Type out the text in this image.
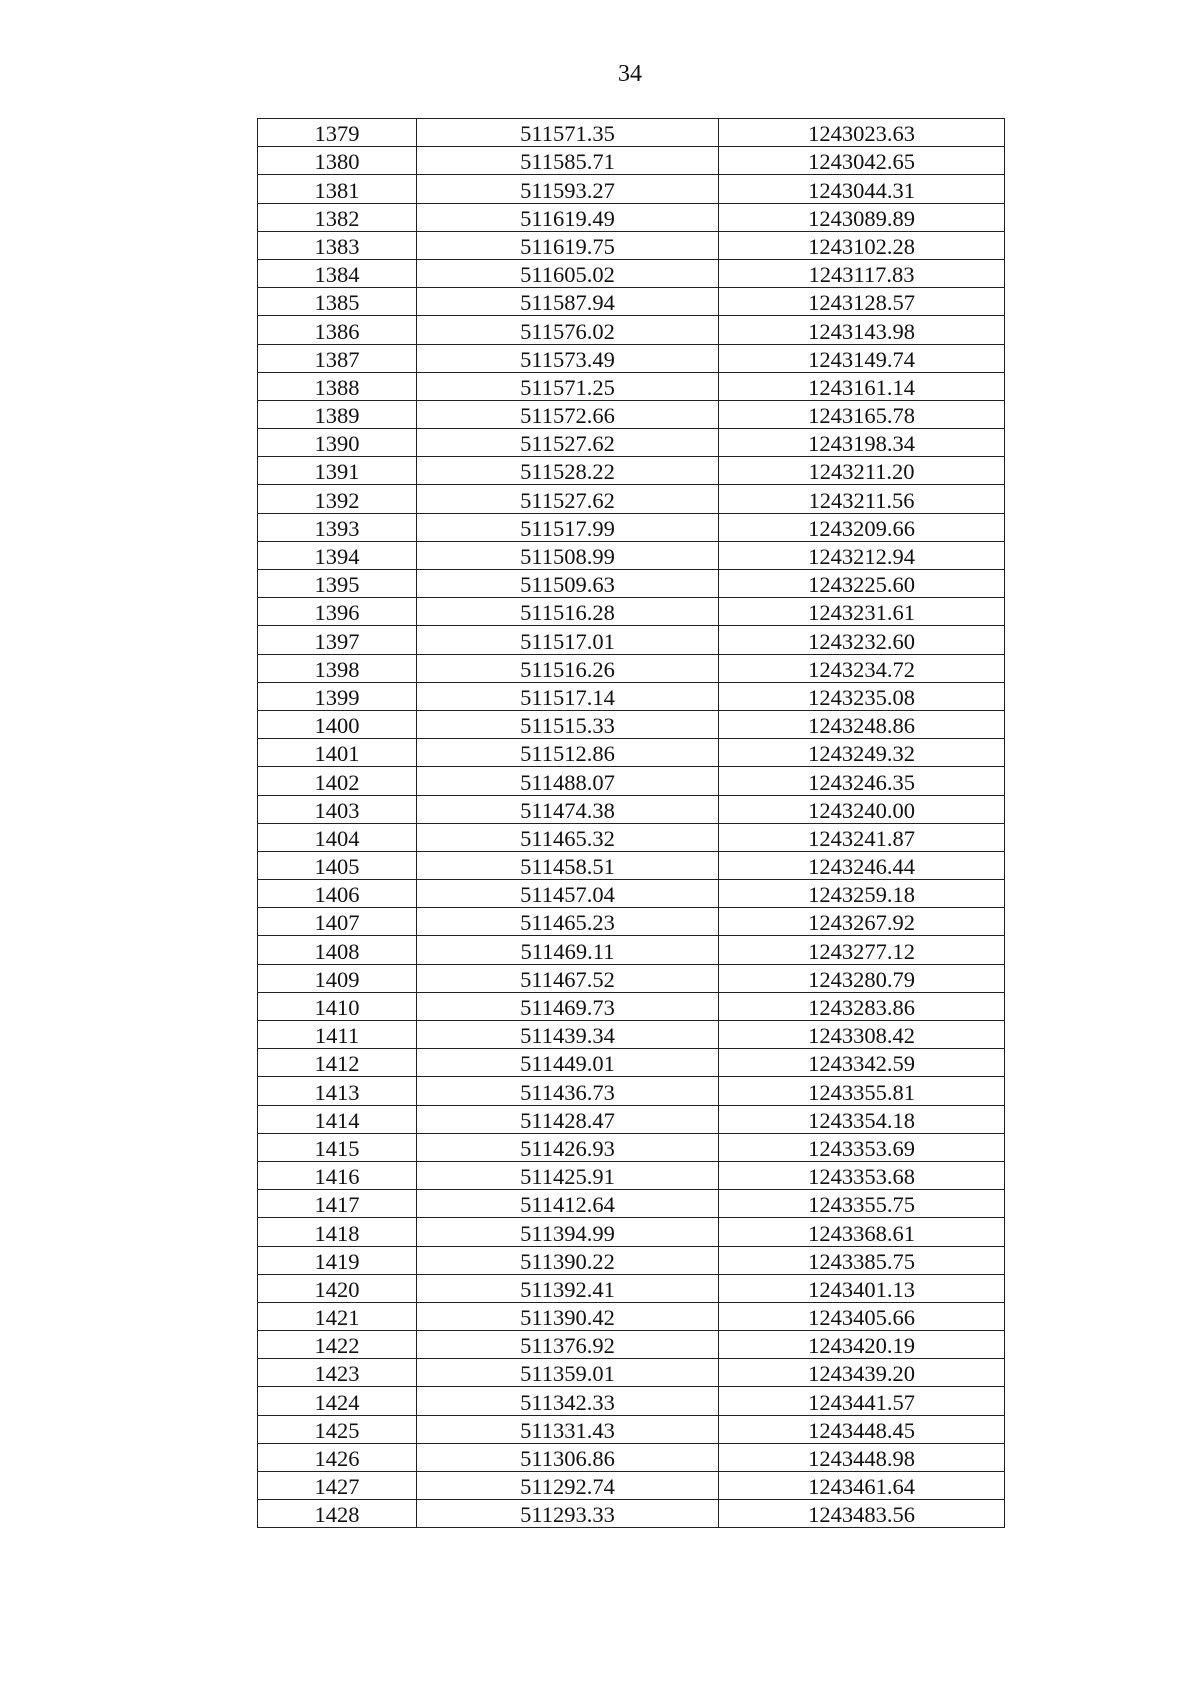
34
1379	511571.35	1243023.63
1380	511585.71	1243042.65
1381	511593.27	1243044.31
1382	511619.49	1243089.89
1383	511619.75	1243102.28
1384	511605.02	1243117.83
1385	511587.94	1243128.57
1386	511576.02	1243143.98
1387	511573.49	1243149.74
1388	511571.25	1243161.14
1389	511572.66	1243165.78
1390	511527.62	1243198.34
1391	511528.22	1243211.20
1392	511527.62	1243211.56
1393	511517.99	1243209.66
1394	511508.99	1243212.94
1395	511509.63	1243225.60
1396	511516.28	1243231.61
1397	511517.01	1243232.60
1398	511516.26	1243234.72
1399	511517.14	1243235.08
1400	511515.33	1243248.86
1401	511512.86	1243249.32
1402	511488.07	1243246.35
1403	511474.38	1243240.00
1404	511465.32	1243241.87
1405	511458.51	1243246.44
1406	511457.04	1243259.18
1407	511465.23	1243267.92
1408	511469.11	1243277.12
1409	511467.52	1243280.79
1410	511469.73	1243283.86
1411	511439.34	1243308.42
1412	511449.01	1243342.59
1413	511436.73	1243355.81
1414	511428.47	1243354.18
1415	511426.93	1243353.69
1416	511425.91	1243353.68
1417	511412.64	1243355.75
1418	511394.99	1243368.61
1419	511390.22	1243385.75
1420	511392.41	1243401.13
1421	511390.42	1243405.66
1422	511376.92	1243420.19
1423	511359.01	1243439.20
1424	511342.33	1243441.57
1425	511331.43	1243448.45
1426	511306.86	1243448.98
1427	511292.74	1243461.64
1428	511293.33	1243483.56
